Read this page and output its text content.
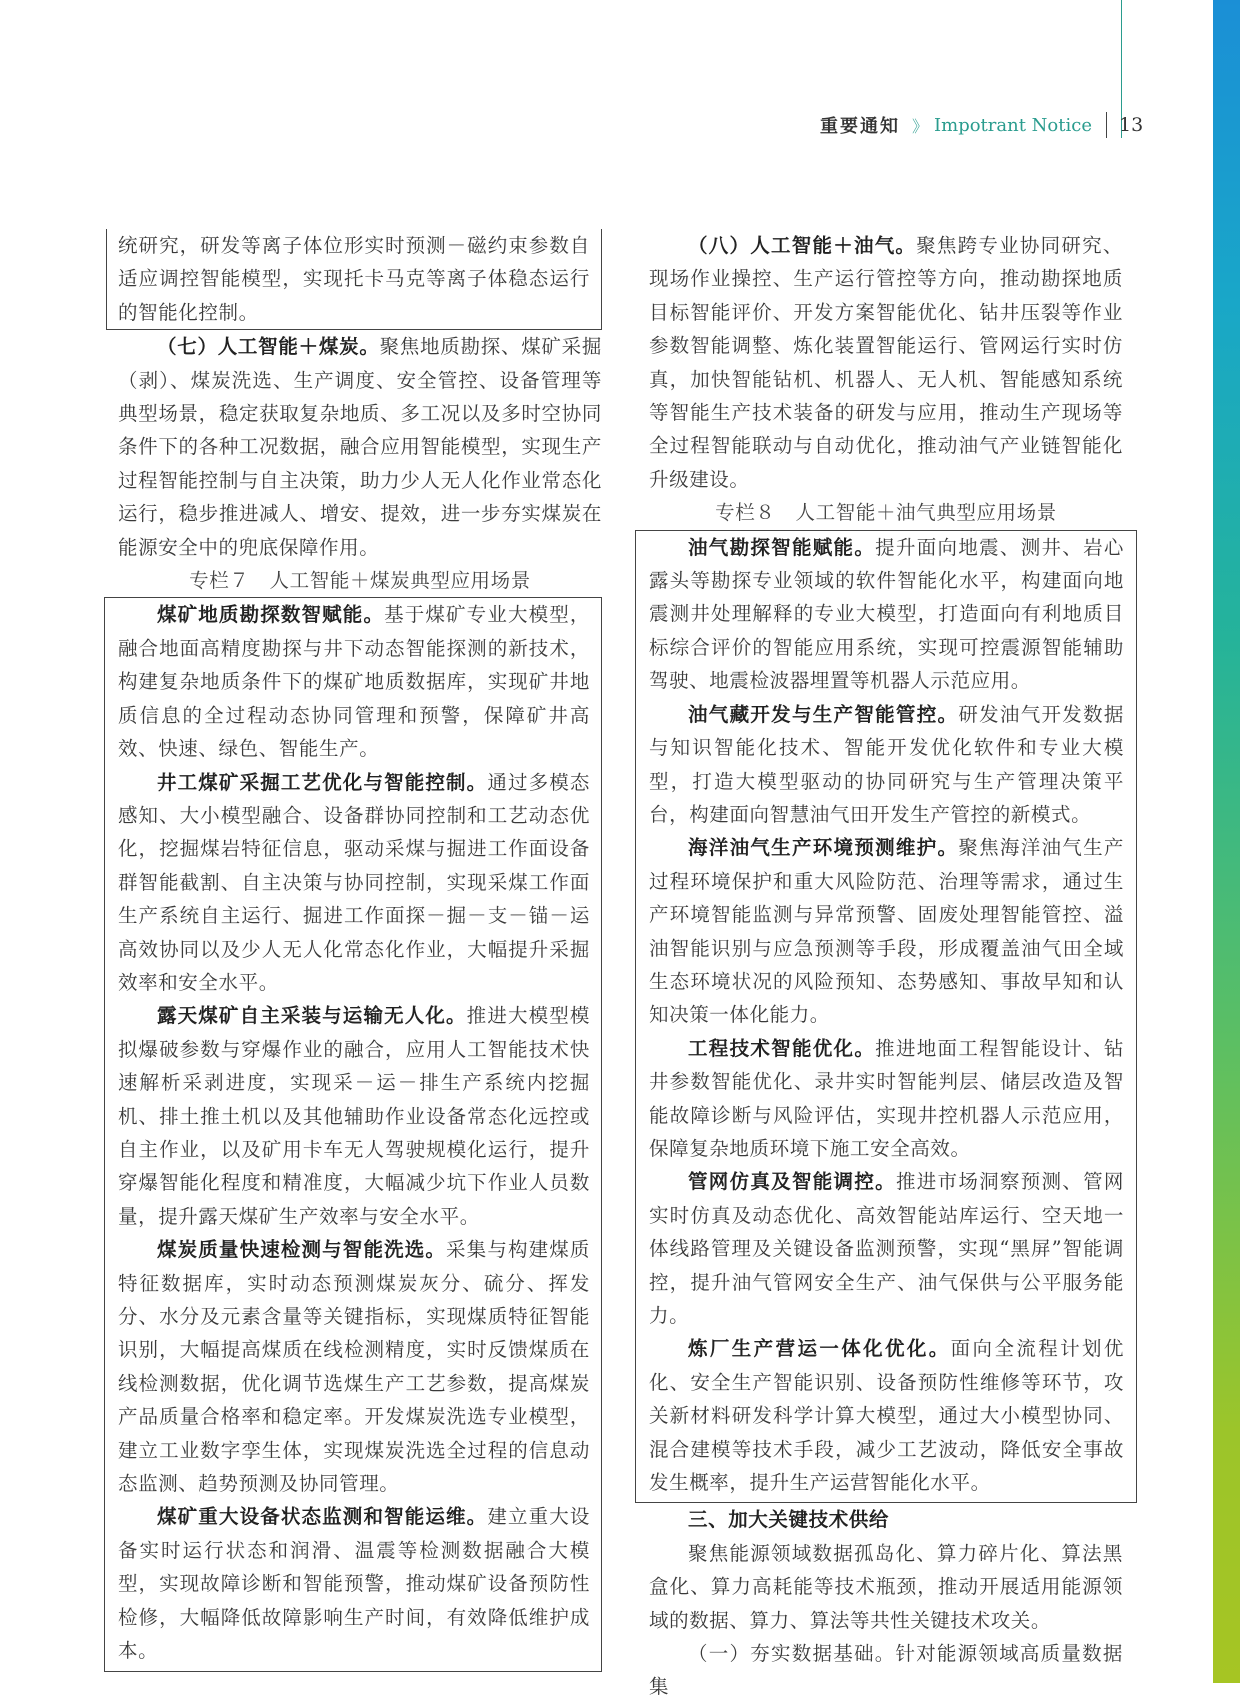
重要通知 》 Impotrant Notice 13

统研究，研发等离子体位形实时预测－磁约束参数自适应调控智能模型，实现托卡马克等离子体稳态运行的智能化控制。

（七）人工智能＋煤炭。聚焦地质勘探、煤矿采掘（剥）、煤炭洗选、生产调度、安全管控、设备管理等典型场景，稳定获取复杂地质、多工况以及多时空协同条件下的各种工况数据，融合应用智能模型，实现生产过程智能控制与自主决策，助力少人无人化作业常态化运行，稳步推进减人、增安、提效，进一步夯实煤炭在能源安全中的兜底保障作用。

专栏７　人工智能＋煤炭典型应用场景

煤矿地质勘探数智赋能。基于煤矿专业大模型，融合地面高精度勘探与井下动态智能探测的新技术，构建复杂地质条件下的煤矿地质数据库，实现矿井地质信息的全过程动态协同管理和预警，保障矿井高效、快速、绿色、智能生产。

井工煤矿采掘工艺优化与智能控制。通过多模态感知、大小模型融合、设备群协同控制和工艺动态优化，挖掘煤岩特征信息，驱动采煤与掘进工作面设备群智能截割、自主决策与协同控制，实现采煤工作面生产系统自主运行、掘进工作面探－掘－支－锚－运高效协同以及少人无人化常态化作业，大幅提升采掘效率和安全水平。

露天煤矿自主采装与运输无人化。推进大模型模拟爆破参数与穿爆作业的融合，应用人工智能技术快速解析采剥进度，实现采－运－排生产系统内挖掘机、排土推土机以及其他辅助作业设备常态化远控或自主作业，以及矿用卡车无人驾驶规模化运行，提升穿爆智能化程度和精准度，大幅减少坑下作业人员数量，提升露天煤矿生产效率与安全水平。

煤炭质量快速检测与智能洗选。采集与构建煤质特征数据库，实时动态预测煤炭灰分、硫分、挥发分、水分及元素含量等关键指标，实现煤质特征智能识别，大幅提高煤质在线检测精度，实时反馈煤质在线检测数据，优化调节选煤生产工艺参数，提高煤炭产品质量合格率和稳定率。开发煤炭洗选专业模型，建立工业数字孪生体，实现煤炭洗选全过程的信息动态监测、趋势预测及协同管理。

煤矿重大设备状态监测和智能运维。建立重大设备实时运行状态和润滑、温震等检测数据融合大模型，实现故障诊断和智能预警，推动煤矿设备预防性检修，大幅降低故障影响生产时间，有效降低维护成本。

（八）人工智能＋油气。聚焦跨专业协同研究、现场作业操控、生产运行管控等方向，推动勘探地质目标智能评价、开发方案智能优化、钻井压裂等作业参数智能调整、炼化装置智能运行、管网运行实时仿真，加快智能钻机、机器人、无人机、智能感知系统等智能生产技术装备的研发与应用，推动生产现场等全过程智能联动与自动优化，推动油气产业链智能化升级建设。

专栏８　人工智能＋油气典型应用场景

油气勘探智能赋能。提升面向地震、测井、岩心露头等勘探专业领域的软件智能化水平，构建面向地震测井处理解释的专业大模型，打造面向有利地质目标综合评价的智能应用系统，实现可控震源智能辅助驾驶、地震检波器埋置等机器人示范应用。

油气藏开发与生产智能管控。研发油气开发数据与知识智能化技术、智能开发优化软件和专业大模型，打造大模型驱动的协同研究与生产管理决策平台，构建面向智慧油气田开发生产管控的新模式。

海洋油气生产环境预测维护。聚焦海洋油气生产过程环境保护和重大风险防范、治理等需求，通过生产环境智能监测与异常预警、固废处理智能管控、溢油智能识别与应急预测等手段，形成覆盖油气田全域生态环境状况的风险预知、态势感知、事故早知和认知决策一体化能力。

工程技术智能优化。推进地面工程智能设计、钻井参数智能优化、录井实时智能判层、储层改造及智能故障诊断与风险评估，实现井控机器人示范应用，保障复杂地质环境下施工安全高效。

管网仿真及智能调控。推进市场洞察预测、管网实时仿真及动态优化、高效智能站库运行、空天地一体线路管理及关键设备监测预警，实现“黑屏”智能调控，提升油气管网安全生产、油气保供与公平服务能力。

炼厂生产营运一体化优化。面向全流程计划优化、安全生产智能识别、设备预防性维修等环节，攻关新材料研发科学计算大模型，通过大小模型协同、混合建模等技术手段，减少工艺波动，降低安全事故发生概率，提升生产运营智能化水平。

三、加大关键技术供给

聚焦能源领域数据孤岛化、算力碎片化、算法黑盒化、算力高耗能等技术瓶颈，推动开展适用能源领域的数据、算力、算法等共性关键技术攻关。

（一）夯实数据基础。针对能源领域高质量数据集
